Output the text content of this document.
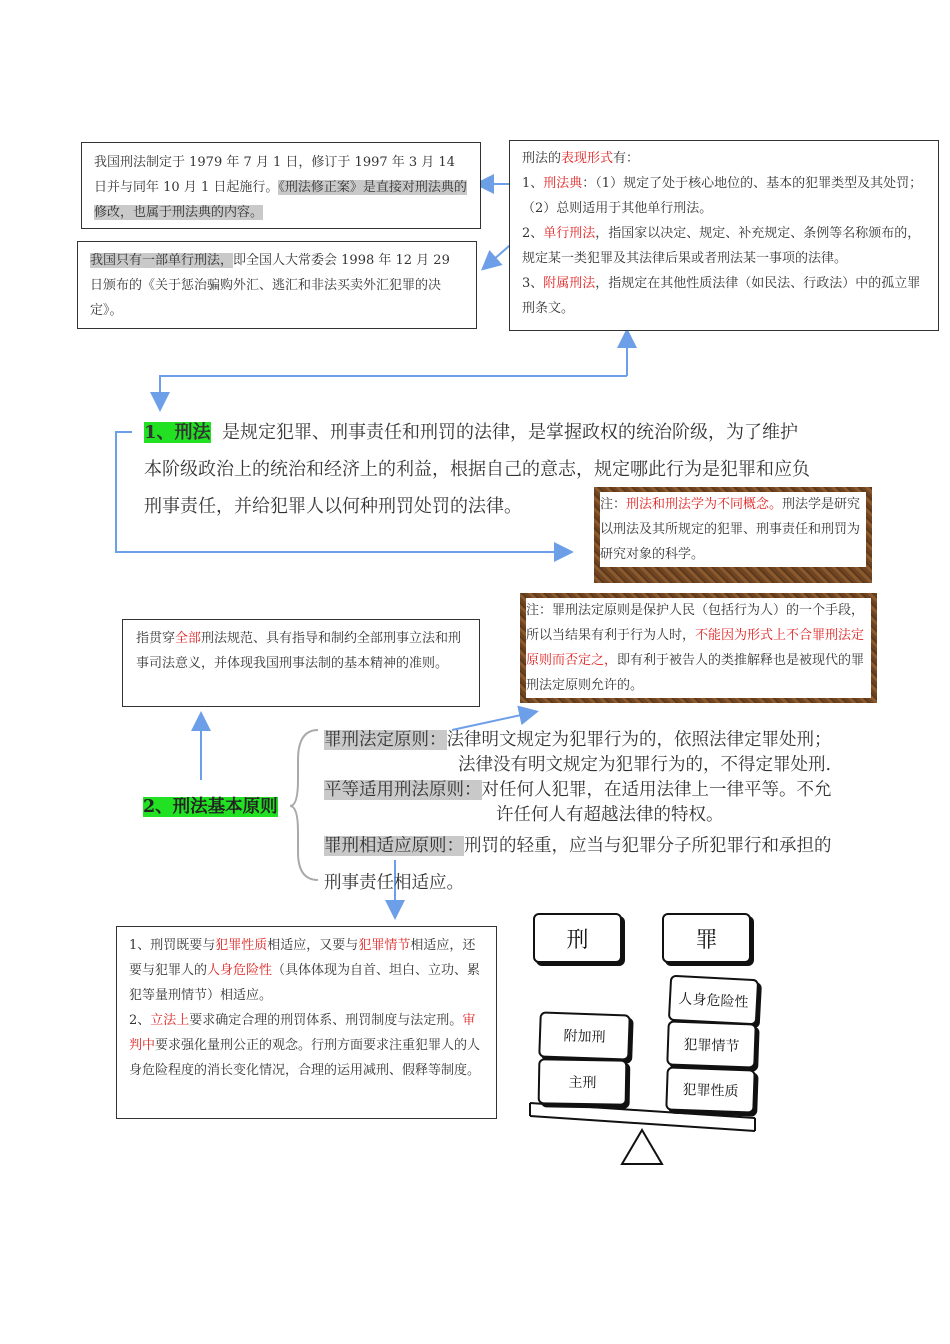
我国刑法制定于 1979 年 7 月 1 日，修订于 1997 年 3 月 14 日并与同年 10 月 1 日起施行。《刑法修正案》是直接对刑法典的修改，也属于刑法典的内容。
我国只有一部单行刑法，即全国人大常委会 1998 年 12 月 29 日颁布的《关于惩治骗购外汇、逃汇和非法买卖外汇犯罪的决定》。
刑法的表现形式有：
1、刑法典：（1）规定了处于核心地位的、基本的犯罪类型及其处罚；（2）总则适用于其他单行刑法。
2、单行刑法，指国家以决定、规定、补充规定、条例等名称颁布的，规定某一类犯罪及其法律后果或者刑法某一事项的法律。
3、附属刑法，指规定在其他性质法律（如民法、行政法）中的孤立罪刑条文。
1、刑法 是规定犯罪、刑事责任和刑罚的法律，是掌握政权的统治阶级，为了维护本阶级政治上的统治和经济上的利益，根据自己的意志，规定哪此行为是犯罪和应负刑事责任，并给犯罪人以何种刑罚处罚的法律。	注：刑法和刑法学为不同概念。刑法学是研究以刑法及其所规定的犯罪、刑事责任和刑罚为研究对象的科学。
注：罪刑法定原则是保护人民（包括行为人）的一个手段，所以当结果有利于行为人时，不能因为形式上不合罪刑法定原则而否定之，即有利于被告人的类推解释也是被现代的罪刑法定原则允许的。
指贯穿全部刑法规范、具有指导和制约全部刑事立法和刑事司法意义，并体现我国刑事法制的基本精神的准则。
2、刑法基本原则
罪刑法定原则：法律明文规定为犯罪行为的，依照法律定罪处刑；
法律没有明文规定为犯罪行为的，不得定罪处刑.
平等适用刑法原则：对任何人犯罪，在适用法律上一律平等。不允
许任何人有超越法律的特权。
罪刑相适应原则：刑罚的轻重，应当与犯罪分子所犯罪行和承担的
刑事责任相适应。
1、刑罚既要与犯罪性质相适应，又要与犯罪情节相适应，还要与犯罪人的人身危险性（具体体现为自首、坦白、立功、累犯等量刑情节）相适应。
2、立法上要求确定合理的刑罚体系、刑罚制度与法定刑。审判中要求强化量刑公正的观念。行刑方面要求注重犯罪人的人身危险程度的消长变化情况，合理的运用减刑、假释等制度。
刑	罪
附加刑
主刑
人身危险性
犯罪情节
犯罪性质
